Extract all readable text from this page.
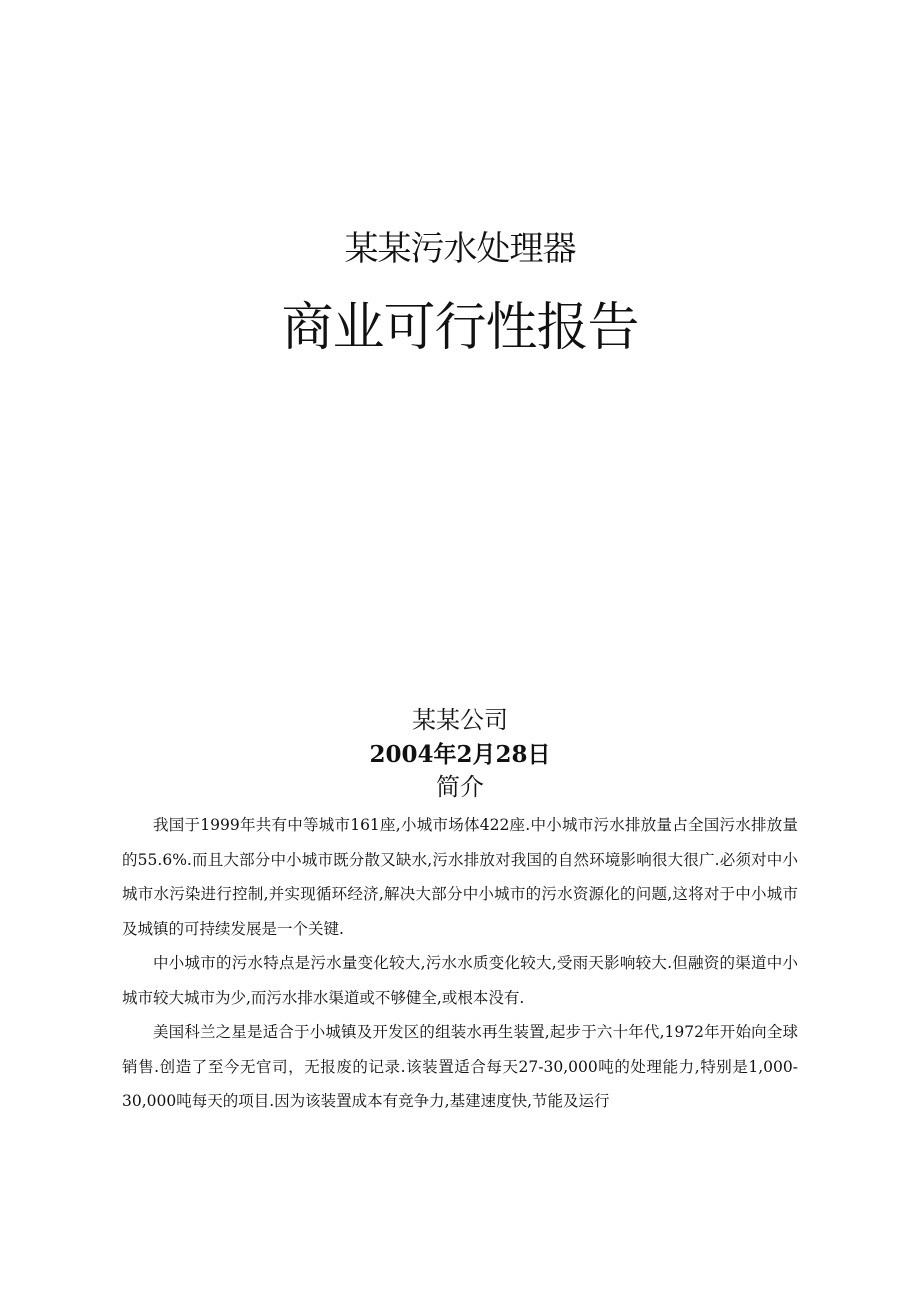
某某污水处理器
商业可行性报告
某某公司
2004年2月28日
简介

我国于1999年共有中等城市161座,小城市场体422座.中小城市污水排放量占全国污水排放量的55.6%.而且大部分中小城市既分散又缺水,污水排放对我国的自然环境影响很大很广.必须对中小城市水污染进行控制,并实现循环经济,解决大部分中小城市的污水资源化的问题,这将对于中小城市及城镇的可持续发展是一个关键.

中小城市的污水特点是污水量变化较大,污水水质变化较大,受雨天影响较大.但融资的渠道中小城市较大城市为少,而污水排水渠道或不够健全,或根本没有.

美国科兰之星是适合于小城镇及开发区的组装水再生装置,起步于六十年代,1972年开始向全球销售.创造了至今无官司，无报废的记录.该装置适合每天27-30,000吨的处理能力,特别是1,000-30,000吨每天的项目.因为该装置成本有竞争力,基建速度快,节能及运行
